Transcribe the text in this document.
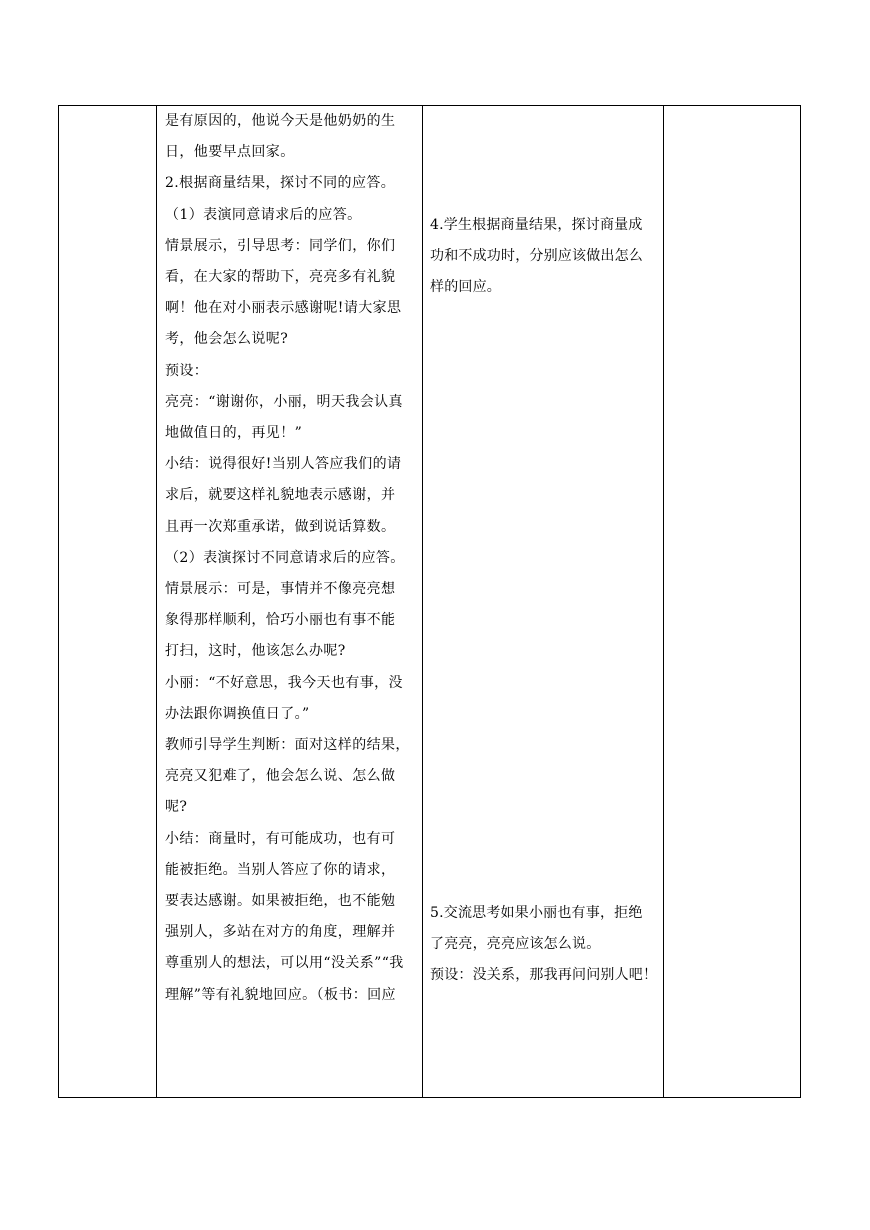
是有原因的，他说今天是他奶奶的生
日，他要早点回家。
2.根据商量结果，探讨不同的应答。
（1）表演同意请求后的应答。
情景展示，引导思考：同学们，你们
看，在大家的帮助下，亮亮多有礼貌
啊！他在对小丽表示感谢呢!请大家思
考，他会怎么说呢?
预设：
亮亮：“谢谢你，小丽，明天我会认真
地做值日的，再见！”
小结：说得很好!当别人答应我们的请
求后，就要这样礼貌地表示感谢，并
且再一次郑重承诺，做到说话算数。
（2）表演探讨不同意请求后的应答。
情景展示：可是，事情并不像亮亮想
象得那样顺利，恰巧小丽也有事不能
打扫，这时，他该怎么办呢?
小丽：“不好意思，我今天也有事，没
办法跟你调换值日了。”
教师引导学生判断：面对这样的结果，
亮亮又犯难了，他会怎么说、怎么做
呢?
小结：商量时，有可能成功，也有可
能被拒绝。当别人答应了你的请求，
要表达感谢。如果被拒绝，也不能勉
强别人，多站在对方的角度，理解并
尊重别人的想法，可以用“没关系”“我
理解”等有礼貌地回应。（板书：回应

4.学生根据商量结果，探讨商量成
功和不成功时，分别应该做出怎么
样的回应。
5.交流思考如果小丽也有事，拒绝
了亮亮，亮亮应该怎么说。
预设：没关系，那我再问问别人吧！
